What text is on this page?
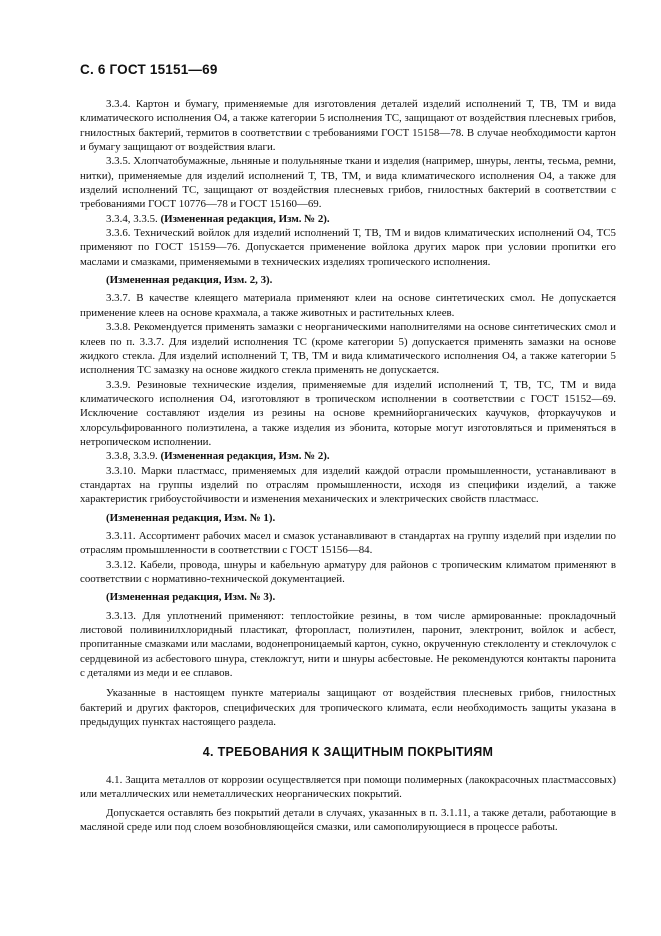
С. 6 ГОСТ 15151—69

3.3.4. Картон и бумагу, применяемые для изготовления деталей изделий исполнений Т, ТВ, ТМ и вида климатического исполнения О4, а также категории 5 исполнения ТС, защищают от воздействия плесневых грибов, гнилостных бактерий, термитов в соответствии с требованиями ГОСТ 15158—78. В случае необходимости картон и бумагу защищают от воздействия влаги.

3.3.5. Хлопчатобумажные, льняные и полульняные ткани и изделия (например, шнуры, ленты, тесьма, ремни, нитки), применяемые для изделий исполнений Т, ТВ, ТМ, и вида климатического исполнения О4, а также для изделий исполнений ТС, защищают от воздействия плесневых грибов, гнилостных бактерий в соответствии с требованиями ГОСТ 10776—78 и ГОСТ 15160—69.

3.3.4, 3.3.5. (Измененная редакция, Изм. № 2).

3.3.6. Технический войлок для изделий исполнений Т, ТВ, ТМ и видов климатических исполнений О4, ТС5 применяют по ГОСТ 15159—76. Допускается применение войлока других марок при условии пропитки его маслами и смазками, применяемыми в технических изделиях тропического исполнения.

(Измененная редакция, Изм. 2, 3).

3.3.7. В качестве клеящего материала применяют клеи на основе синтетических смол. Не допускается применение клеев на основе крахмала, а также животных и растительных клеев.

3.3.8. Рекомендуется применять замазки с неорганическими наполнителями на основе синтетических смол и клеев по п. 3.3.7. Для изделий исполнения ТС (кроме категории 5) допускается применять замазки на основе жидкого стекла. Для изделий исполнений Т, ТВ, ТМ и вида климатического исполнения О4, а также категории 5 исполнения ТС замазку на основе жидкого стекла применять не допускается.

3.3.9. Резиновые технические изделия, применяемые для изделий исполнений Т, ТВ, ТС, ТМ и вида климатического исполнения О4, изготовляют в тропическом исполнении в соответствии с ГОСТ 15152—69. Исключение составляют изделия из резины на основе кремнийорганических каучуков, фторкаучуков и хлорсульфированного полиэтилена, а также изделия из эбонита, которые могут изготовляться и применяться в нетропическом исполнении.

3.3.8, 3.3.9. (Измененная редакция, Изм. № 2).

3.3.10. Марки пластмасс, применяемых для изделий каждой отрасли промышленности, устанавливают в стандартах на группы изделий по отраслям промышленности, исходя из специфики изделий, а также характеристик грибоустойчивости и изменения механических и электрических свойств пластмасс.

(Измененная редакция, Изм. № 1).

3.3.11. Ассортимент рабочих масел и смазок устанавливают в стандартах на группу изделий при изделии по отраслям промышленности в соответствии с ГОСТ 15156—84.

3.3.12. Кабели, провода, шнуры и кабельную арматуру для районов с тропическим климатом применяют в соответствии с нормативно-технической документацией.

(Измененная редакция, Изм. № 3).

3.3.13. Для уплотнений применяют: теплостойкие резины, в том числе армированные: прокладочный листовой поливинилхлоридный пластикат, фторопласт, полиэтилен, паронит, электронит, войлок и асбест, пропитанные смазками или маслами, водонепроницаемый картон, сукно, окрученную стеклоленту и стеклочулок с сердцевиной из асбестового шнура, стекложгут, нити и шнуры асбестовые. Не рекомендуются контакты паронита с деталями из меди и ее сплавов.

Указанные в настоящем пункте материалы защищают от воздействия плесневых грибов, гнилостных бактерий и других факторов, специфических для тропического климата, если необходимость защиты указана в предыдущих пунктах настоящего раздела.

4. ТРЕБОВАНИЯ К ЗАЩИТНЫМ ПОКРЫТИЯМ

4.1. Защита металлов от коррозии осуществляется при помощи полимерных (лакокрасочных пластмассовых) или металлических или неметаллических неорганических покрытий.

Допускается оставлять без покрытий детали в случаях, указанных в п. 3.1.11, а также детали, работающие в масляной среде или под слоем возобновляющейся смазки, или самополирующиеся в процессе работы.
